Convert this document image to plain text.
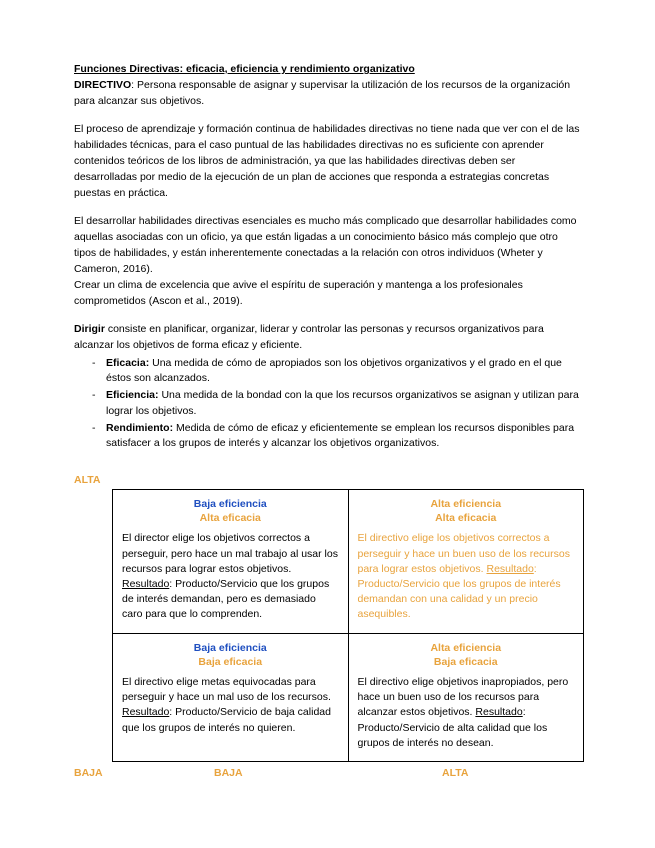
Funciones Directivas: eficacia, eficiencia y rendimiento organizativo

DIRECTIVO: Persona responsable de asignar y supervisar la utilización de los recursos de la organización para alcanzar sus objetivos.

El proceso de aprendizaje y formación continua de habilidades directivas no tiene nada que ver con el de las habilidades técnicas, para el caso puntual de las habilidades directivas no es suficiente con aprender contenidos teóricos de los libros de administración, ya que las habilidades directivas deben ser desarrolladas por medio de la ejecución de un plan de acciones que responda a estrategias concretas puestas en práctica.

El desarrollar habilidades directivas esenciales es mucho más complicado que desarrollar habilidades como aquellas asociadas con un oficio, ya que están ligadas a un conocimiento básico más complejo que otro tipos de habilidades, y están inherentemente conectadas a la relación con otros individuos (Wheter y Cameron, 2016).

Crear un clima de excelencia que avive el espíritu de superación y mantenga a los profesionales comprometidos (Ascon et al., 2019).

Dirigir consiste en planificar, organizar, liderar y controlar las personas y recursos organizativos para alcanzar los objetivos de forma eficaz y eficiente.

- Eficacia: Una medida de cómo de apropiados son los objetivos organizativos y el grado en el que éstos son alcanzados.
- Eficiencia: Una medida de la bondad con la que los recursos organizativos se asignan y utilizan para lograr los objetivos.
- Rendimiento: Medida de cómo de eficaz y eficientemente se emplean los recursos disponibles para satisfacer a los grupos de interés y alcanzar los objetivos organizativos.
ALTA
Baja eficiencia
Alta eficacia
El director elige los objetivos correctos a perseguir, pero hace un mal trabajo al usar los recursos para lograr estos objetivos. Resultado: Producto/Servicio que los grupos de interés demandan, pero es demasiado caro para que lo comprenden.

Alta eficiencia
Alta eficacia
El directivo elige los objetivos correctos a perseguir y hace un buen uso de los recursos para lograr estos objetivos. Resultado: Producto/Servicio que los grupos de interés demandan con una calidad y un precio asequibles.

Baja eficiencia
Baja eficacia
El directivo elige metas equivocadas para perseguir y hace un mal uso de los recursos. Resultado: Producto/Servicio de baja calidad que los grupos de interés no quieren.

Alta eficiencia
Baja eficacia
El directivo elige objetivos inapropiados, pero hace un buen uso de los recursos para alcanzar estos objetivos. Resultado: Producto/Servicio de alta calidad que los grupos de interés no desean.
BAJA	BAJA	ALTA
